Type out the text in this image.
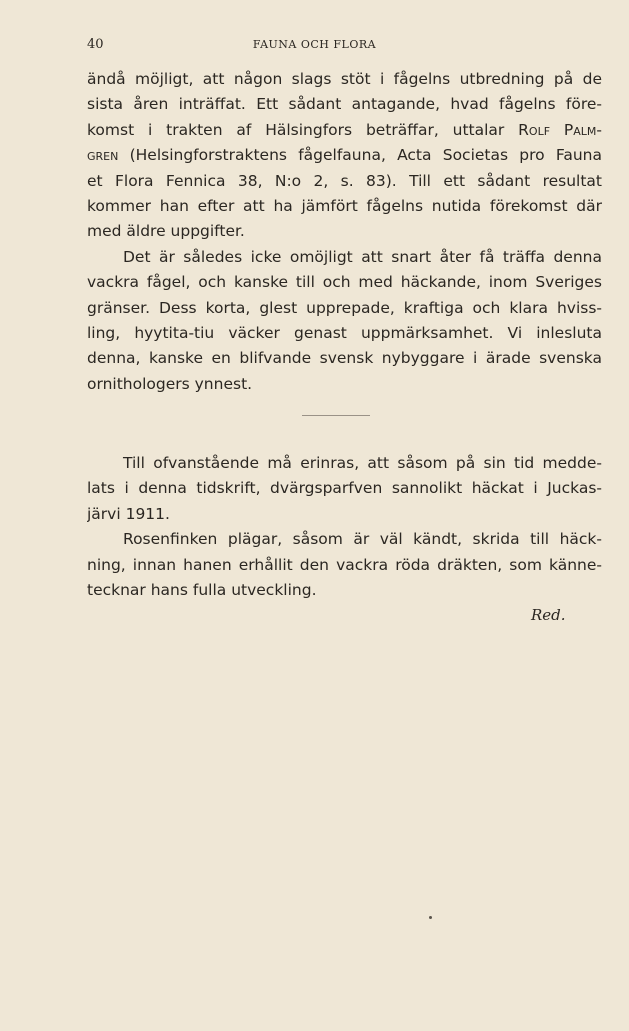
40	FAUNA OCH FLORA
ändå möjligt, att någon slags stöt i fågelns utbredning på de
sista åren inträffat. Ett sådant antagande, hvad fågelns före-
komst i trakten af Hälsingfors beträffar, uttalar Rolf Palm-
gren (Helsingforstraktens fågelfauna, Acta Societas pro Fauna
et Flora Fennica 38, N:o 2, s. 83). Till ett sådant resultat
kommer han efter att ha jämfört fågelns nutida förekomst där
med äldre uppgifter.
Det är således icke omöjligt att snart åter få träffa denna
vackra fågel, och kanske till och med häckande, inom Sveriges
gränser. Dess korta, glest upprepade, kraftiga och klara hviss-
ling, hyytita-tiu väcker genast uppmärksamhet. Vi inlesluta
denna, kanske en blifvande svensk nybyggare i ärade svenska
ornithologers ynnest.
Till ofvanstående må erinras, att såsom på sin tid medde-
lats i denna tidskrift, dvärgsparfven sannolikt häckat i Juckas-
järvi 1911.
Rosenfinken plägar, såsom är väl kändt, skrida till häck-
ning, innan hanen erhållit den vackra röda dräkten, som känne-
tecknar hans fulla utveckling.
Red.
